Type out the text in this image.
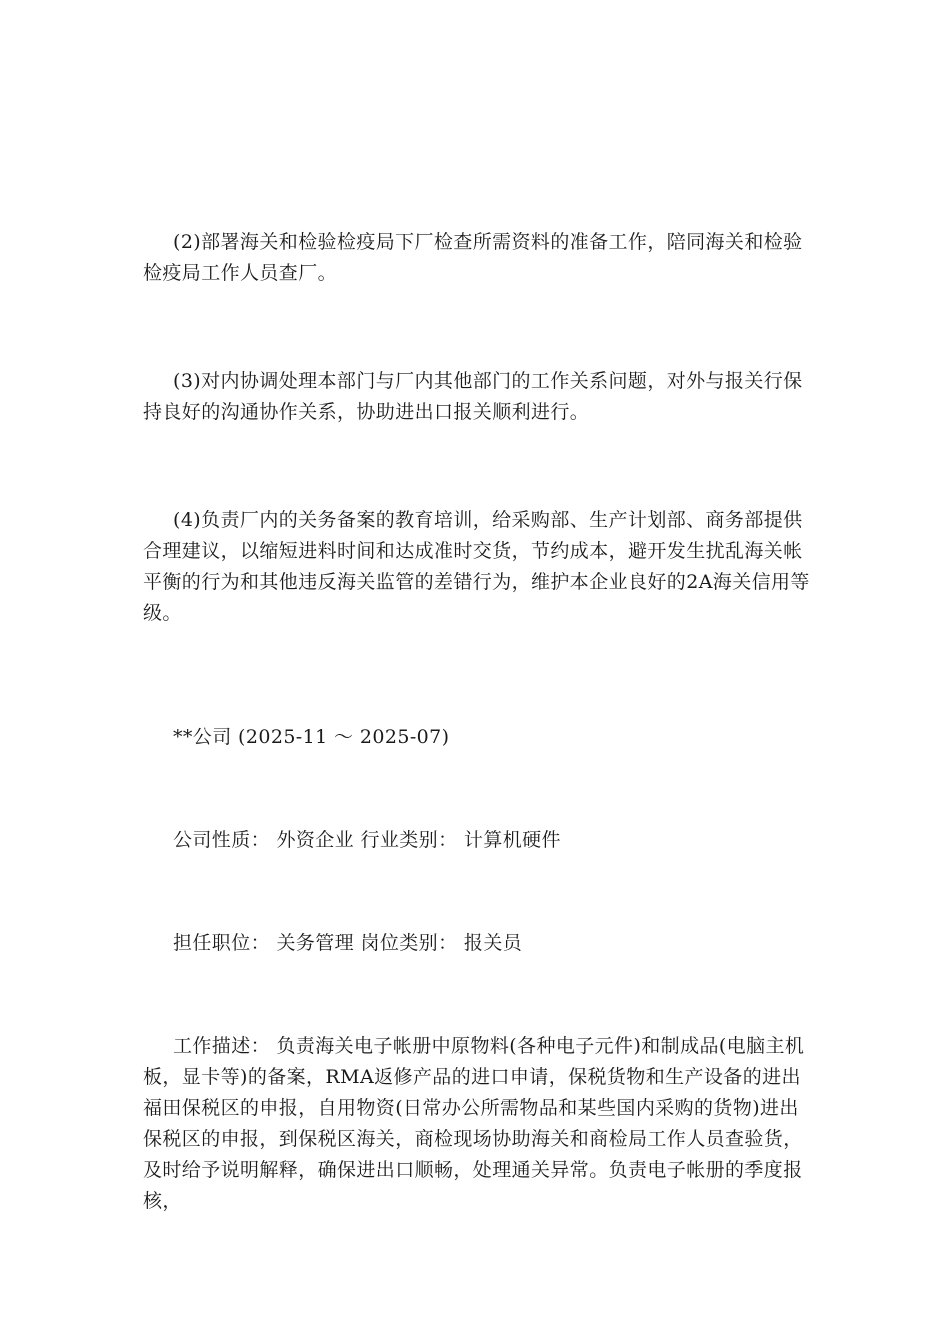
(2)部署海关和检验检疫局下厂检查所需资料的准备工作，陪同海关和检验检疫局工作人员查厂。

(3)对内协调处理本部门与厂内其他部门的工作关系问题，对外与报关行保持良好的沟通协作关系，协助进出口报关顺利进行。

(4)负责厂内的关务备案的教育培训，给采购部、生产计划部、商务部提供合理建议，以缩短进料时间和达成准时交货，节约成本，避开发生扰乱海关帐平衡的行为和其他违反海关监管的差错行为，维护本企业良好的2A海关信用等级。

**公司 (2025-11 ～ 2025-07)

公司性质： 外资企业 行业类别： 计算机硬件

担任职位： 关务管理 岗位类别： 报关员

工作描述： 负责海关电子帐册中原物料(各种电子元件)和制成品(电脑主机板，显卡等)的备案，RMA返修产品的进口申请，保税货物和生产设备的进出福田保税区的申报，自用物资(日常办公所需物品和某些国内采购的货物)进出保税区的申报，到保税区海关，商检现场协助海关和商检局工作人员查验货，及时给予说明解释，确保进出口顺畅，处理通关异常。负责电子帐册的季度报核，
